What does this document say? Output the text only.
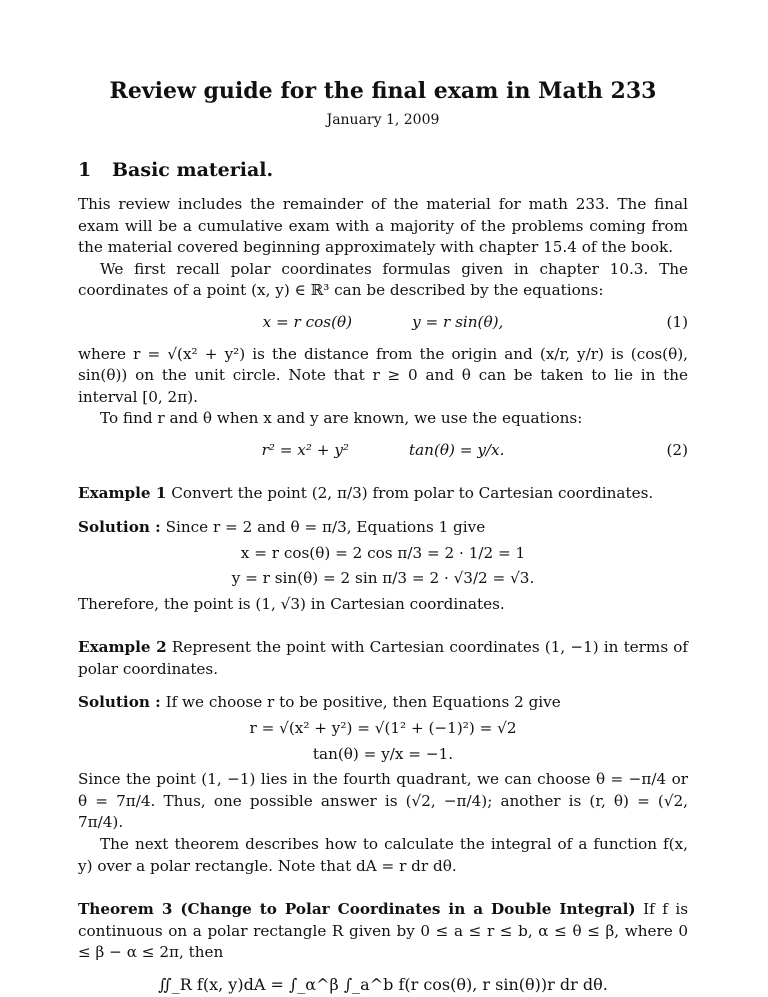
Review guide for the final exam in Math 233

January 1, 2009

1 Basic material.

This review includes the remainder of the material for math 233. The final exam will be a cumulative exam with a majority of the problems coming from the material covered beginning approximately with chapter 15.4 of the book.

We first recall polar coordinates formulas given in chapter 10.3. The coordinates of a point (x, y) ∈ ℝ³ can be described by the equations:

x = r cos(θ)	y = r sin(θ),	(1)

where r = √(x² + y²) is the distance from the origin and (x/r, y/r) is (cos(θ), sin(θ)) on the unit circle. Note that r ≥ 0 and θ can be taken to lie in the interval [0, 2π).

To find r and θ when x and y are known, we use the equations:

r² = x² + y²	tan(θ) = y/x.	(2)

Example 1 Convert the point (2, π/3) from polar to Cartesian coordinates.

Solution : Since r = 2 and θ = π/3, Equations 1 give

x = r cos(θ) = 2 cos π/3 = 2 · 1/2 = 1

y = r sin(θ) = 2 sin π/3 = 2 · √3/2 = √3.

Therefore, the point is (1, √3) in Cartesian coordinates.

Example 2 Represent the point with Cartesian coordinates (1, −1) in terms of polar coordinates.

Solution : If we choose r to be positive, then Equations 2 give

r = √(x² + y²) = √(1² + (−1)²) = √2

tan(θ) = y/x = −1.

Since the point (1, −1) lies in the fourth quadrant, we can choose θ = −π/4 or θ = 7π/4. Thus, one possible answer is (√2, −π/4); another is (r, θ) = (√2, 7π/4).

The next theorem describes how to calculate the integral of a function f(x, y) over a polar rectangle. Note that dA = r dr dθ.

Theorem 3 (Change to Polar Coordinates in a Double Integral) If f is continuous on a polar rectangle R given by 0 ≤ a ≤ r ≤ b, α ≤ θ ≤ β, where 0 ≤ β − α ≤ 2π, then

∬_R f(x, y)dA = ∫_α^β ∫_a^b f(r cos(θ), r sin(θ))r dr dθ.
